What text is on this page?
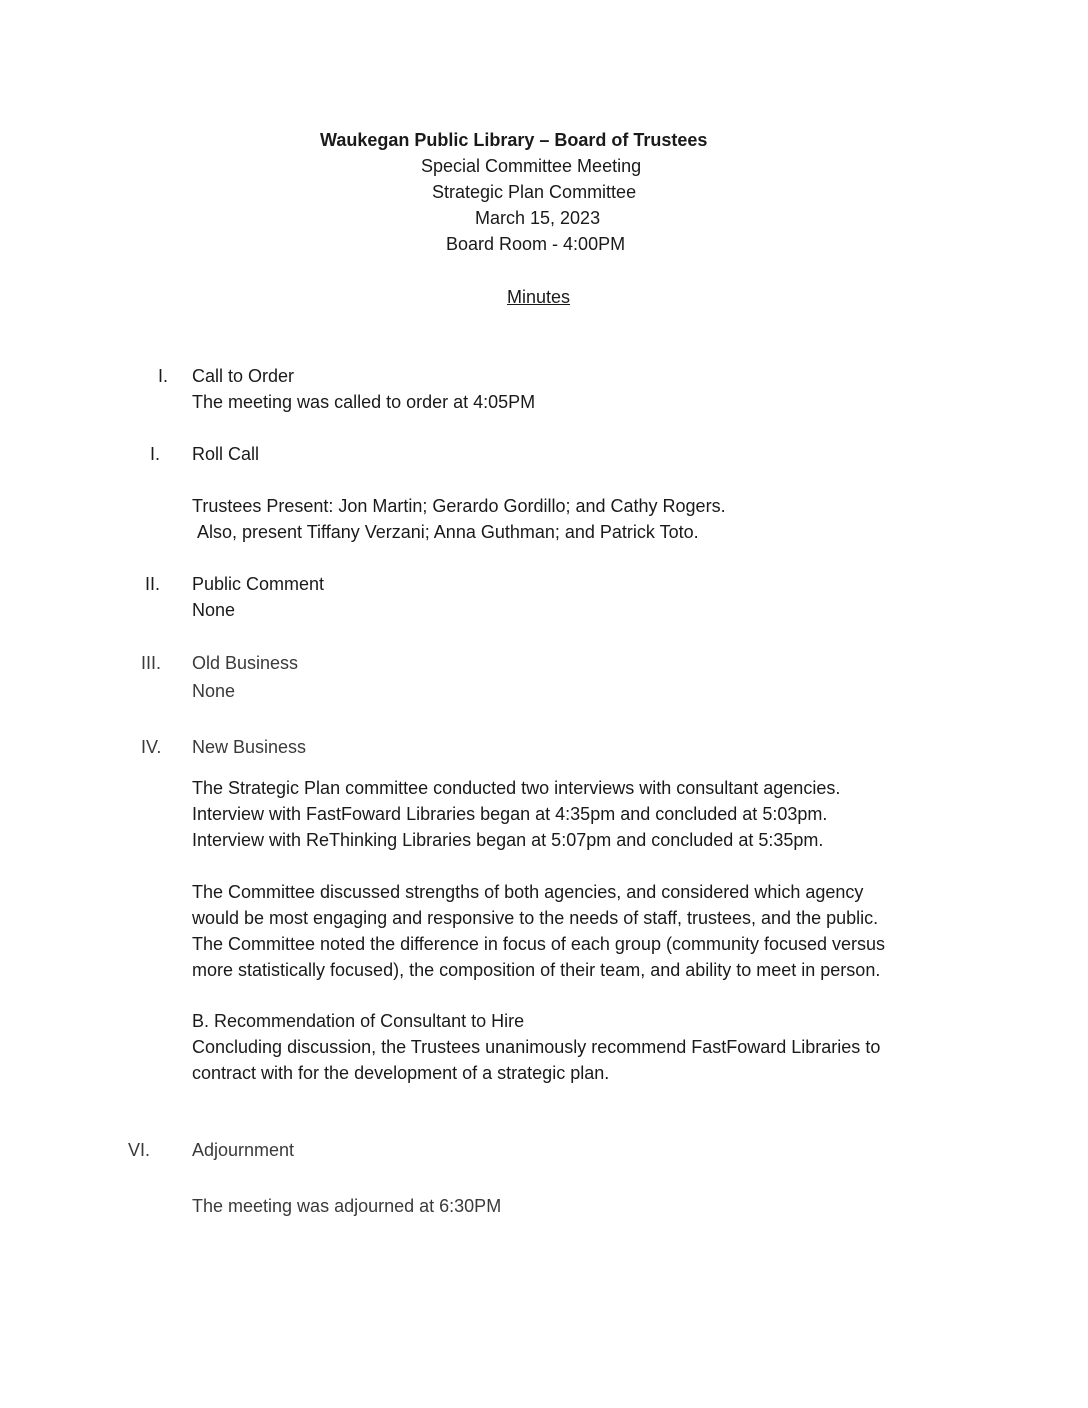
Waukegan Public Library – Board of Trustees
Special Committee Meeting
Strategic Plan Committee
March 15, 2023
Board Room - 4:00PM
Minutes
I. Call to Order
The meeting was called to order at 4:05PM
I. Roll Call
Trustees Present: Jon Martin; Gerardo Gordillo; and Cathy Rogers.
Also, present Tiffany Verzani; Anna Guthman; and Patrick Toto.
II. Public Comment
None
III. Old Business
None
IV. New Business
The Strategic Plan committee conducted two interviews with consultant agencies.
Interview with FastFoward Libraries began at 4:35pm and concluded at 5:03pm.
Interview with ReThinking Libraries began at 5:07pm and concluded at 5:35pm.
The Committee discussed strengths of both agencies, and considered which agency
would be most engaging and responsive to the needs of staff, trustees, and the public.
The Committee noted the difference in focus of each group (community focused versus
more statistically focused), the composition of their team, and ability to meet in person.
B. Recommendation of Consultant to Hire
Concluding discussion, the Trustees unanimously recommend FastFoward Libraries to
contract with for the development of a strategic plan.
VI. Adjournment
The meeting was adjourned at 6:30PM
